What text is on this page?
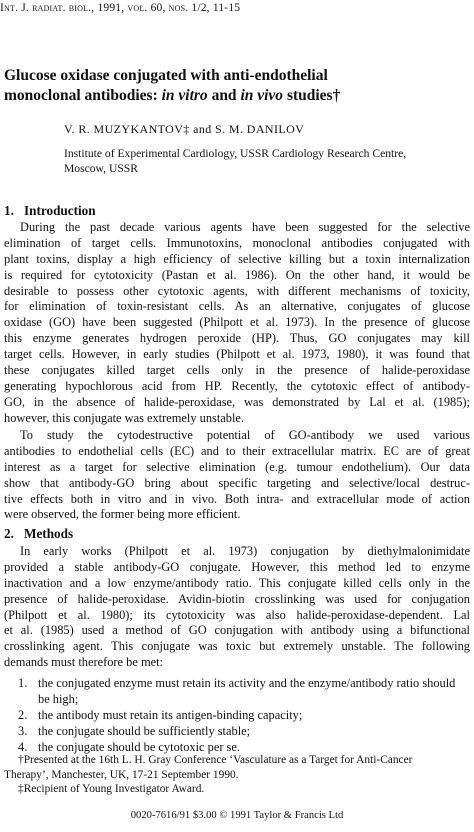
Int. J. radiat. biol., 1991, vol. 60, nos. 1/2, 11-15
Glucose oxidase conjugated with anti-endothelial
monoclonal antibodies: in vitro and in vivo studies†
V. R. MUZYKANTOV‡ and S. M. DANILOV
Institute of Experimental Cardiology, USSR Cardiology Research Centre,
Moscow, USSR
1. Introduction
During the past decade various agents have been suggested for the selective
elimination of target cells. Immunotoxins, monoclonal antibodies conjugated with
plant toxins, display a high efficiency of selective killing but a toxin internalization
is required for cytotoxicity (Pastan et al. 1986). On the other hand, it would be
desirable to possess other cytotoxic agents, with different mechanisms of toxicity,
for elimination of toxin-resistant cells. As an alternative, conjugates of glucose
oxidase (GO) have been suggested (Philpott et al. 1973). In the presence of glucose
this enzyme generates hydrogen peroxide (HP). Thus, GO conjugates may kill
target cells. However, in early studies (Philpott et al. 1973, 1980), it was found that
these conjugates killed target cells only in the presence of halide-peroxidase
generating hypochlorous acid from HP. Recently, the cytotoxic effect of antibody-
GO, in the absence of halide-peroxidase, was demonstrated by Lal et al. (1985);
however, this conjugate was extremely unstable.
To study the cytodestructive potential of GO-antibody we used various
antibodies to endothelial cells (EC) and to their extracellular matrix. EC are of great
interest as a target for selective elimination (e.g. tumour endothelium). Our data
show that antibody-GO bring about specific targeting and selective/local destruc-
tive effects both in vitro and in vivo. Both intra- and extracellular mode of action
were observed, the former being more efficient.
2. Methods
In early works (Philpott et al. 1973) conjugation by diethylmalonimidate
provided a stable antibody-GO conjugate. However, this method led to enzyme
inactivation and a low enzyme/antibody ratio. This conjugate killed cells only in the
presence of halide-peroxidase. Avidin-biotin crosslinking was used for conjugation
(Philpott et al. 1980); its cytotoxicity was also halide-peroxidase-dependent. Lal
et al. (1985) used a method of GO conjugation with antibody using a bifunctional
crosslinking agent. This conjugate was toxic but extremely unstable. The following
demands must therefore be met:
1. the conjugated enzyme must retain its activity and the enzyme/antibody ratio should be high;
2. the antibody must retain its antigen-binding capacity;
3. the conjugate should be sufficiently stable;
4. the conjugate should be cytotoxic per se.
†Presented at the 16th L. H. Gray Conference ‘Vasculature as a Target for Anti-Cancer
Therapy’, Manchester, UK, 17-21 September 1990.
‡Recipient of Young Investigator Award.
0020-7616/91 $3.00 © 1991 Taylor & Francis Ltd
